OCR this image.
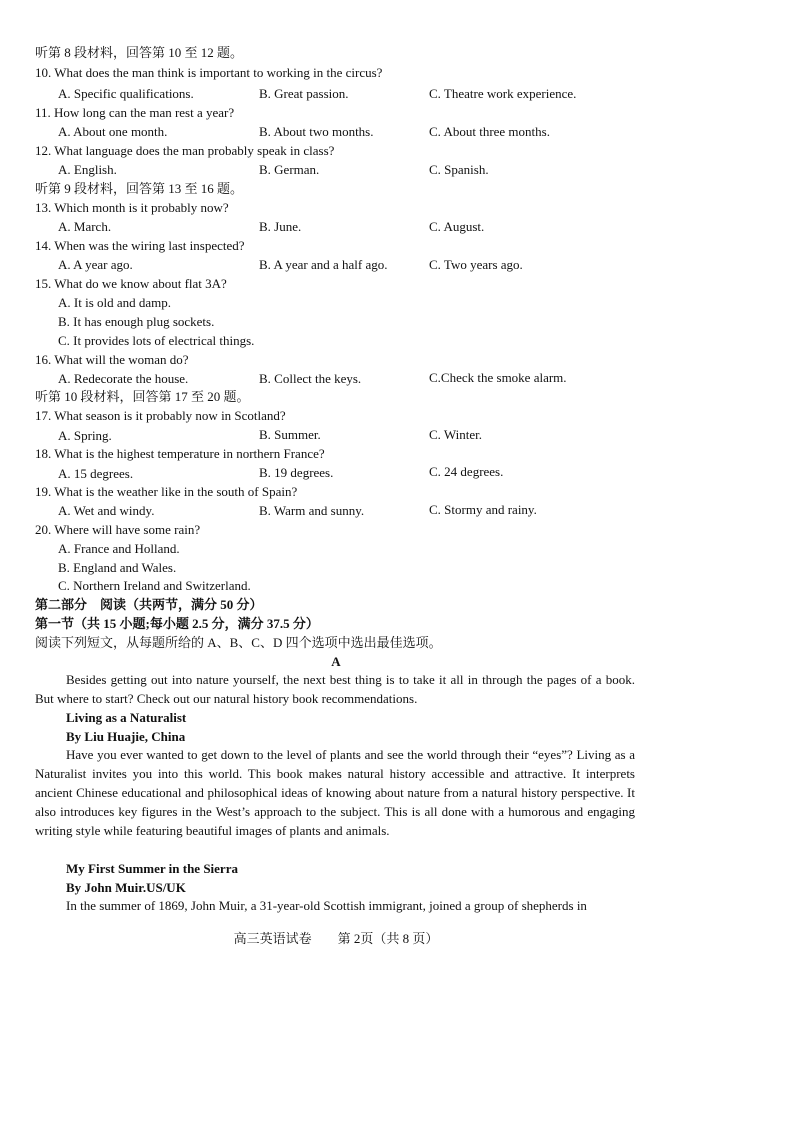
听第 8 段材料，回答第 10 至 12 题。
10. What does the man think is important to working in the circus?
A. Specific qualifications.	B. Great passion.	C. Theatre work experience.
11. How long can the man rest a year?
A. About one month.	B. About two months.	C. About three months.
12. What language does the man probably speak in class?
A. English.	B. German.	C. Spanish.
听第 9 段材料，回答第 13 至 16 题。
13. Which month is it probably now?
A. March.	B. June.	C. August.
14. When was the wiring last inspected?
A. A year ago.	B. A year and a half ago.	C. Two years ago.
15. What do we know about flat 3A?
A. It is old and damp.
B. It has enough plug sockets.
C. It provides lots of electrical things.
16. What will the woman do?
A. Redecorate the house.	B. Collect the keys.	C.Check the smoke alarm.
听第 10 段材料，回答第 17 至 20 题。
17. What season is it probably now in Scotland?
A. Spring.	B. Summer.	C. Winter.
18. What is the highest temperature in northern France?
A. 15 degrees.	B. 19 degrees.	C. 24 degrees.
19. What is the weather like in the south of Spain?
A. Wet and windy.	B. Warm and sunny.	C. Stormy and rainy.
20. Where will have some rain?
A. France and Holland.
B. England and Wales.
C. Northern Ireland and Switzerland.
第二部分　阅读（共两节，满分 50 分）
第一节（共 15 小题;每小题 2.5 分，满分 37.5 分）
阅读下列短文，从每题所给的 A、B、C、D 四个选项中选出最佳选项。
A
Besides getting out into nature yourself, the next best thing is to take it all in through the pages of a book. But where to start? Check out our natural history book recommendations.
Living as a Naturalist
By Liu Huajie, China
Have you ever wanted to get down to the level of plants and see the world through their “eyes”? Living as a Naturalist invites you into this world. This book makes natural history accessible and attractive. It interprets ancient Chinese educational and philosophical ideas of knowing about nature from a natural history perspective. It also introduces key figures in the West’s approach to the subject. This is all done with a humorous and engaging writing style while featuring beautiful images of plants and animals.
My First Summer in the Sierra
By John Muir.US/UK
In the summer of 1869, John Muir, a 31-year-old Scottish immigrant, joined a group of shepherds in
高三英语试卷　　第 2页（共 8 页）
